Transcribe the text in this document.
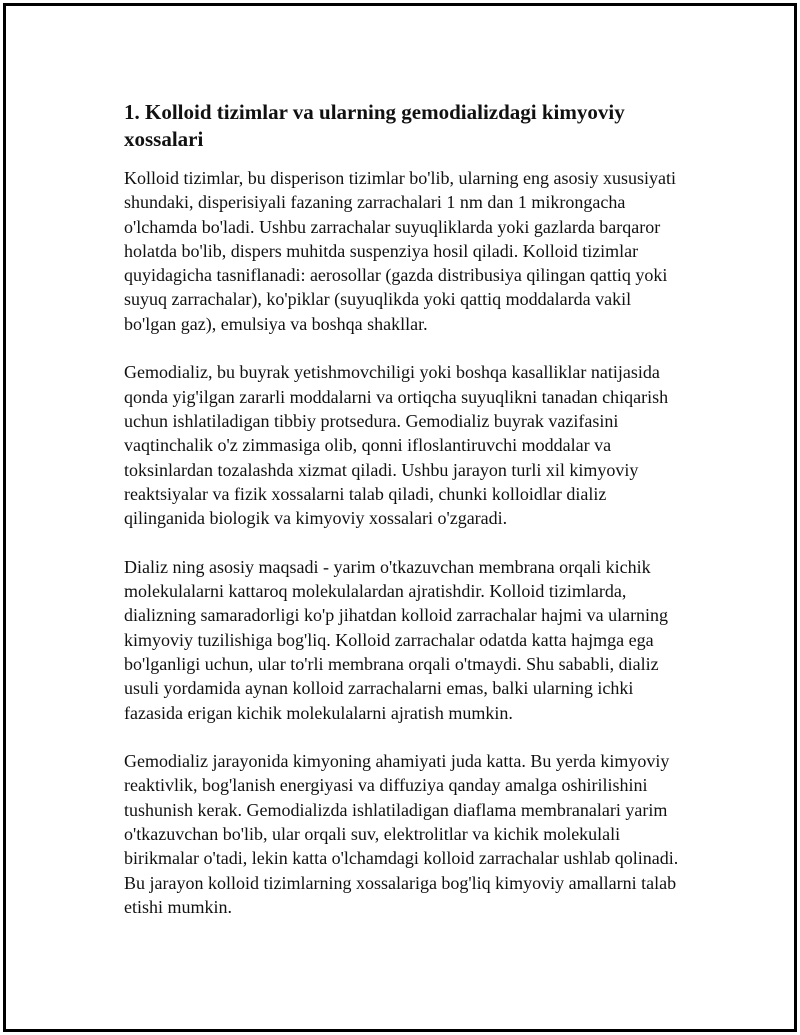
1. Kolloid tizimlar va ularning gemodializdagi kimyoviy
xossalari

Kolloid tizimlar, bu disperison tizimlar bo'lib, ularning eng asosiy xususiyati
shundaki, disperisiyali fazaning zarrachalari 1 nm dan 1 mikrongacha
o'lchamda bo'ladi. Ushbu zarrachalar suyuqliklarda yoki gazlarda barqaror
holatda bo'lib, dispers muhitda suspenziya hosil qiladi. Kolloid tizimlar
quyidagicha tasniflanadi: aerosollar (gazda distribusiya qilingan qattiq yoki
suyuq zarrachalar), ko'piklar (suyuqlikda yoki qattiq moddalarda vakil
bo'lgan gaz), emulsiya va boshqa shakllar.

Gemodializ, bu buyrak yetishmovchiligi yoki boshqa kasalliklar natijasida
qonda yig'ilgan zararli moddalarni va ortiqcha suyuqlikni tanadan chiqarish
uchun ishlatiladigan tibbiy protsedura. Gemodializ buyrak vazifasini
vaqtinchalik o'z zimmasiga olib, qonni ifloslantiruvchi moddalar va
toksinlardan tozalashda xizmat qiladi. Ushbu jarayon turli xil kimyoviy
reaktsiyalar va fizik xossalarni talab qiladi, chunki kolloidlar dializ
qilinganida biologik va kimyoviy xossalari o'zgaradi.

Dializ ning asosiy maqsadi - yarim o'tkazuvchan membrana orqali kichik
molekulalarni kattaroq molekulalardan ajratishdir. Kolloid tizimlarda,
dializning samaradorligi ko'p jihatdan kolloid zarrachalar hajmi va ularning
kimyoviy tuzilishiga bog'liq. Kolloid zarrachalar odatda katta hajmga ega
bo'lganligi uchun, ular to'rli membrana orqali o'tmaydi. Shu sababli, dializ
usuli yordamida aynan kolloid zarrachalarni emas, balki ularning ichki
fazasida erigan kichik molekulalarni ajratish mumkin.

Gemodializ jarayonida kimyoning ahamiyati juda katta. Bu yerda kimyoviy
reaktivlik, bog'lanish energiyasi va diffuziya qanday amalga oshirilishini
tushunish kerak. Gemodializda ishlatiladigan diaflama membranalari yarim
o'tkazuvchan bo'lib, ular orqali suv, elektrolitlar va kichik molekulali
birikmalar o'tadi, lekin katta o'lchamdagi kolloid zarrachalar ushlab qolinadi.
Bu jarayon kolloid tizimlarning xossalariga bog'liq kimyoviy amallarni talab
etishi mumkin.
